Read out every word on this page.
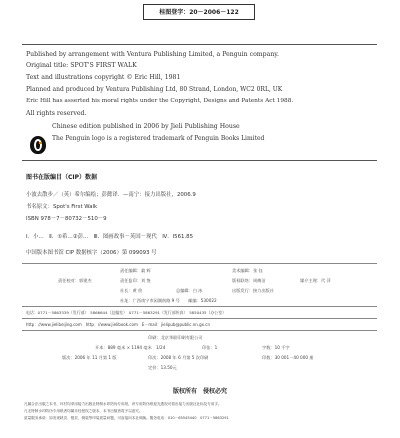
桂图登字：20－2006－122
Published by arrangement with Ventura Publishing Limited, a Penguin company.
Original title: SPOT'S FIRST WALK
Text and illustrations copyright © Eric Hill, 1981
Planned and produced by Ventura Publishing Ltd, 80 Strand, London, WC2 0RL, UK
Eric Hill has asserted his moral rights under the Copyright, Designs and Patents Act 1988.
All rights reserved.
Chinese edition published in 2006 by Jieli Publishing House
The Penguin logo is a registered trademark of Penguin Books Limited
图书在版编目（CIP）数据
小波去散步／（英）希尔编绘；彭懿译．—南宁：接力出版社，2006.9
书名原文：Spot's First Walk
ISBN 978－7－80732－510－9
Ⅰ．小…　Ⅱ．①希…②彭…　Ⅲ．图画故事－英国－现代　Ⅳ．I561.85
中国版本图书馆 CIP 数据核字（2006）第 099093 号
责任编辑：翁 辉	美术编辑：张 钰
责任校对：郭建杰	责任监印：刘 签	版权联络：周梅洁	媒介主理：代 萍
社长：黄 俭	总编辑：白 冰	出版发行：接力出版社
社址：广西南宁市园湖南路 9 号　　邮编：530022
电话：0771－5863339（发行部）　5866644（总编室）　0771－5863291（发行部传真）　5850435（办公室）
http：//www.jielibeijing.com　http：//www.jielibook.com　E－mail：jielipub@public.nn.gx.cn
印刷：北京华联印刷有限公司
开本：889 毫米 × 1194 毫米　1/24	印张：1	字数：10 千字
版次：2006 年 11 月第 1 版	印次：2008 年 6 月第 5 次印刷	印数：30 001－40 000 册
定价：13.50元
版权所有　侵权必究
凡属合法出版之本书，环衬均采用接力出版社特制水印防伪专用纸，该专用防伪纸迎光透视可看出接力出版社社标及专用字。
凡无特制水印防伪专用纸者均属未经授权之版本，本书出版者将予以追究。
质量服务承诺：如发现缺页、错页、倒装等印装质量问题，可直接向本社调换。服务电话：010－65545440　0771－5863291
